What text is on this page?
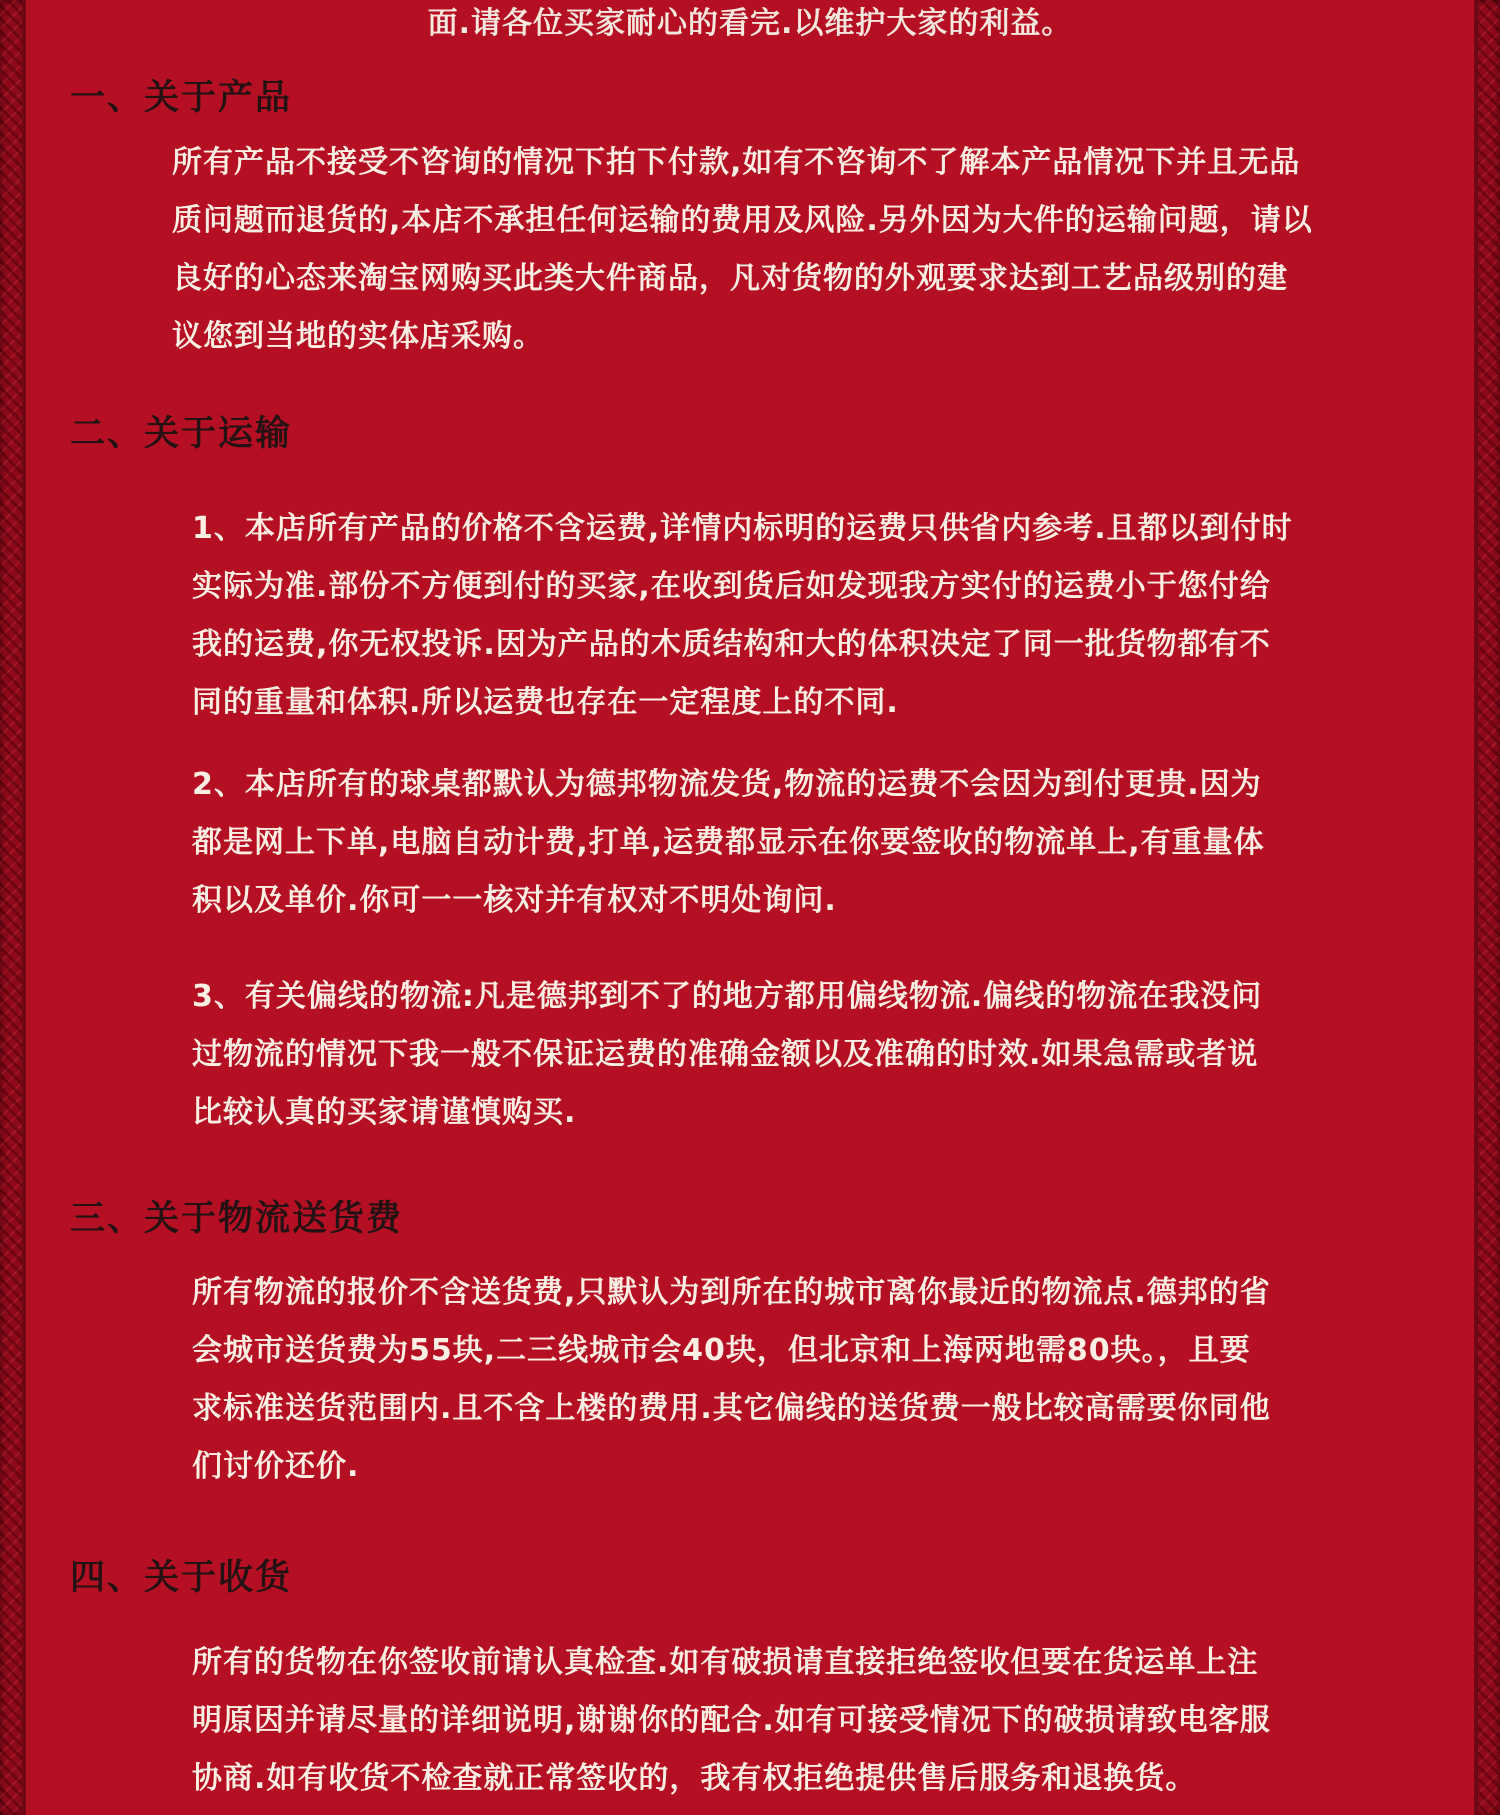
面.请各位买家耐心的看完.以维护大家的利益。
一、关于产品
所有产品不接受不咨询的情况下拍下付款,如有不咨询不了解本产品情况下并且无品
质问题而退货的,本店不承担任何运输的费用及风险.另外因为大件的运输问题，请以
良好的心态来淘宝网购买此类大件商品，凡对货物的外观要求达到工艺品级别的建
议您到当地的实体店采购。
二、关于运输
1、本店所有产品的价格不含运费,详情内标明的运费只供省内参考.且都以到付时
实际为准.部份不方便到付的买家,在收到货后如发现我方实付的运费小于您付给
我的运费,你无权投诉.因为产品的木质结构和大的体积决定了同一批货物都有不
同的重量和体积.所以运费也存在一定程度上的不同.
2、本店所有的球桌都默认为德邦物流发货,物流的运费不会因为到付更贵.因为
都是网上下单,电脑自动计费,打单,运费都显示在你要签收的物流单上,有重量体
积以及单价.你可一一核对并有权对不明处询问.
3、有关偏线的物流:凡是德邦到不了的地方都用偏线物流.偏线的物流在我没问
过物流的情况下我一般不保证运费的准确金额以及准确的时效.如果急需或者说
比较认真的买家请谨慎购买.
三、关于物流送货费
所有物流的报价不含送货费,只默认为到所在的城市离你最近的物流点.德邦的省
会城市送货费为55块,二三线城市会40块，但北京和上海两地需80块。，且要
求标准送货范围内.且不含上楼的费用.其它偏线的送货费一般比较高需要你同他
们讨价还价.
四、关于收货
所有的货物在你签收前请认真检查.如有破损请直接拒绝签收但要在货运单上注
明原因并请尽量的详细说明,谢谢你的配合.如有可接受情况下的破损请致电客服
协商.如有收货不检查就正常签收的，我有权拒绝提供售后服务和退换货。
